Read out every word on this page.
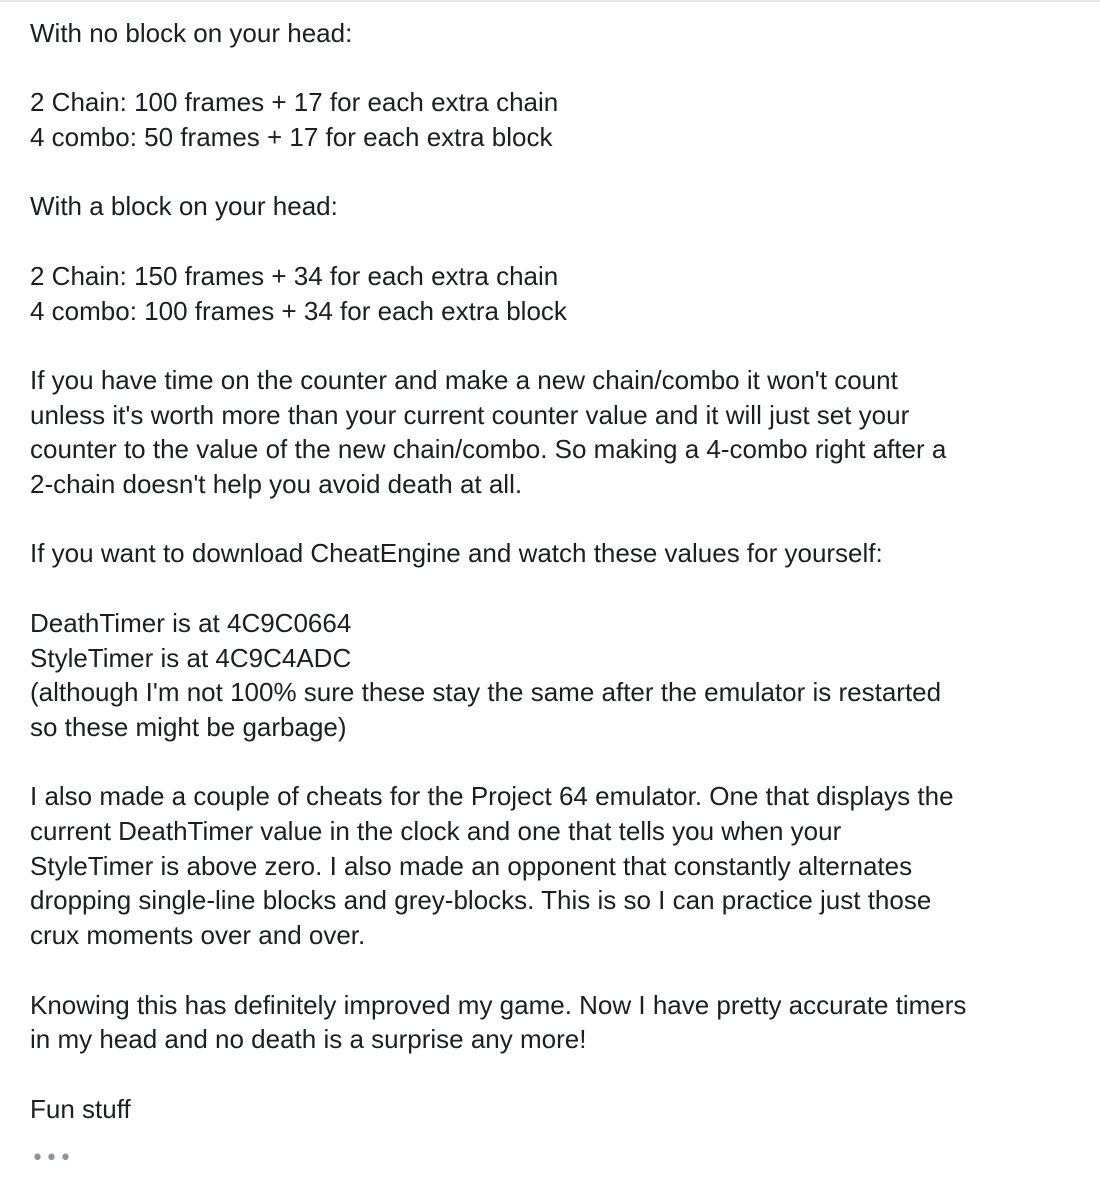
With no block on your head:

2 Chain: 100 frames + 17 for each extra chain
4 combo: 50 frames + 17 for each extra block

With a block on your head:

2 Chain: 150 frames + 34 for each extra chain
4 combo: 100 frames + 34 for each extra block

If you have time on the counter and make a new chain/combo it won't count
unless it's worth more than your current counter value and it will just set your
counter to the value of the new chain/combo. So making a 4-combo right after a
2-chain doesn't help you avoid death at all.

If you want to download CheatEngine and watch these values for yourself:

DeathTimer is at 4C9C0664
StyleTimer is at 4C9C4ADC
(although I'm not 100% sure these stay the same after the emulator is restarted
so these might be garbage)

I also made a couple of cheats for the Project 64 emulator. One that displays the
current DeathTimer value in the clock and one that tells you when your
StyleTimer is above zero. I also made an opponent that constantly alternates
dropping single-line blocks and grey-blocks. This is so I can practice just those
crux moments over and over.

Knowing this has definitely improved my game. Now I have pretty accurate timers
in my head and no death is a surprise any more!

Fun stuff

•••
